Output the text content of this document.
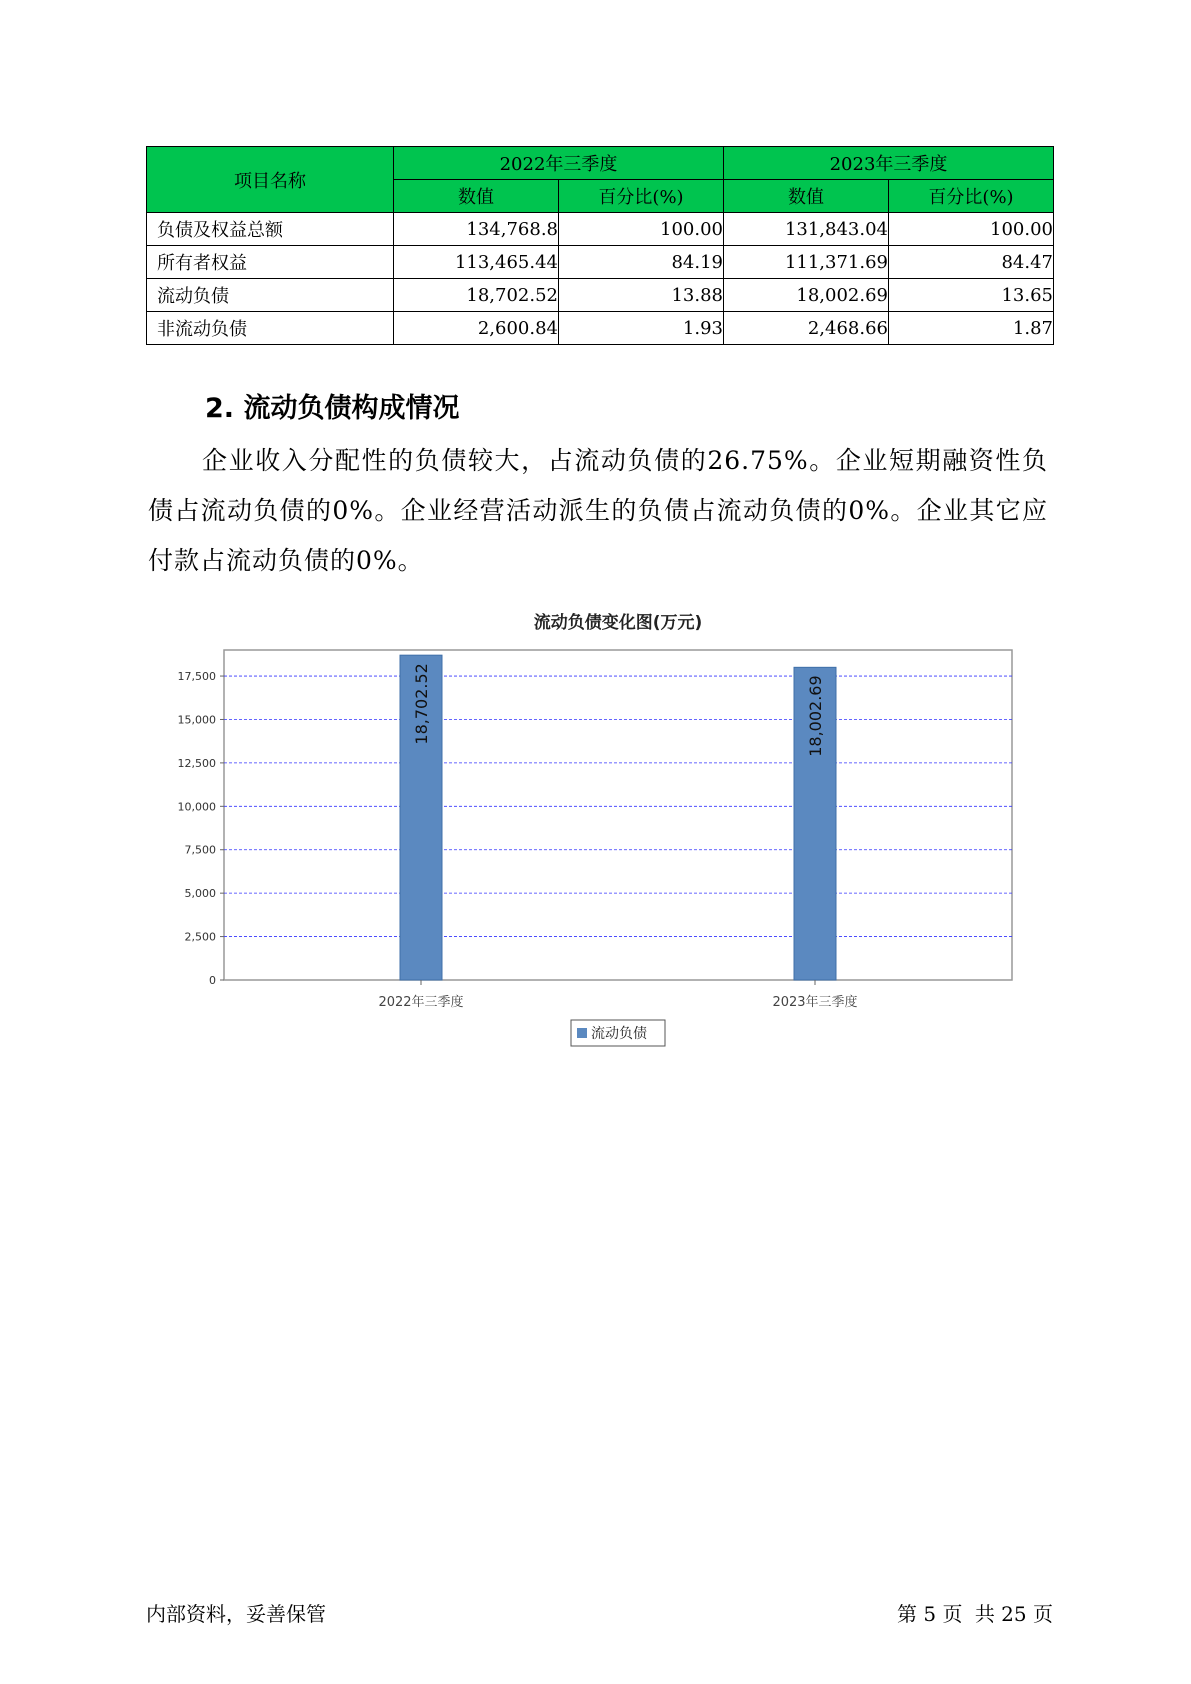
项目名称	2022年三季度		2023年三季度	
	数值	百分比(%)	数值	百分比(%)
负债及权益总额	134,768.8	100.00	131,843.04	100.00
所有者权益	113,465.44	84.19	111,371.69	84.47
流动负债	18,702.52	13.88	18,002.69	13.65
非流动负债	2,600.84	1.93	2,468.66	1.87
2. 流动负债构成情况

企业收入分配性的负债较大，占流动负债的26.75%。企业短期融资性负债占流动负债的0%。企业经营活动派生的负债占流动负债的0%。企业其它应付款占流动负债的0%。

流动负债变化图(万元)
0
2,500
5,000
7,500
10,000
12,500
15,000
17,500	18,702.52
2022年三季度
18,002.69
2023年三季度
流动负债
内部资料，妥善保管	第 5 页 共 25 页
